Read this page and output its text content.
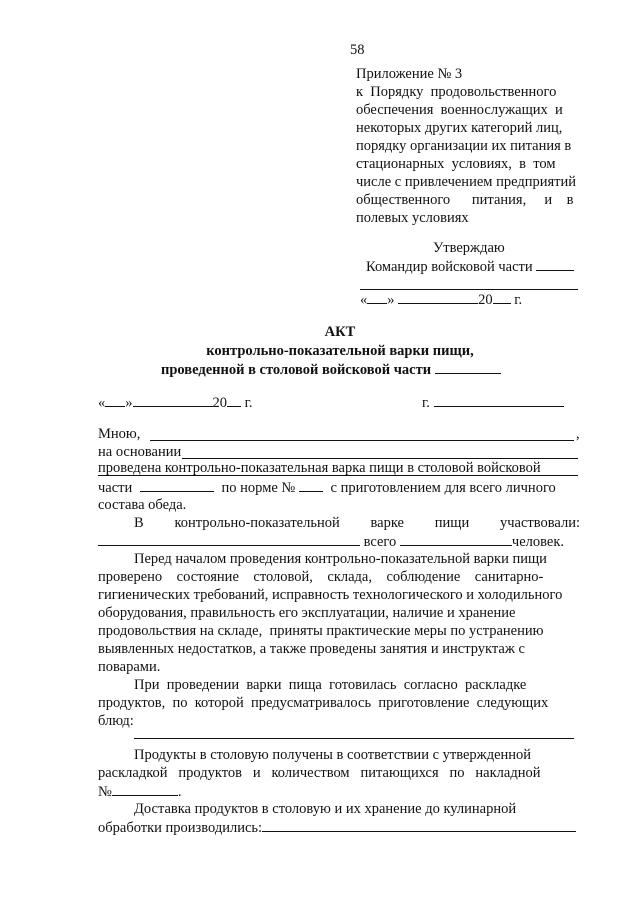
58
Приложение № 3
к  Порядку  продовольственного
обеспечения  военнослужащих  и
некоторых других категорий лиц,
порядку организации их питания в
стационарных  условиях,  в  том
числе с привлечением предприятий
общественного      питания,     и    в
полевых условиях
Утверждаю
Командир войсковой части
« »	20 г.
АКТ
контрольно-показательной варки пищи,
проведенной в столовой войсковой части
« »	20 г.	г.
Мною,	,
на основании
проведена контрольно-показательная варка пищи в столовой войсковой
части	по норме № с приготовлением для всего личного
состава обеда.
В контрольно-показательной варке пищи участвовали:
всего	человек.
Перед началом проведения контрольно-показательной варки пищи
проверено    состояние    столовой,    склада,    соблюдение    санитарно-
гигиенических требований, исправность технологического и холодильного
оборудования, правильность его эксплуатации, наличие и хранение
продовольствия на складе,  приняты практические меры по устранению
выявленных недостатков, а также проведены занятия и инструктаж с
поварами.
При  проведении  варки  пища  готовилась  согласно  раскладке
продуктов,  по  которой  предусматривалось  приготовление  следующих
блюд:
Продукты в столовую получены в соответствии с утвержденной
раскладкой   продуктов   и   количеством   питающихся   по   накладной
№	.
Доставка продуктов в столовую и их хранение до кулинарной
обработки производились:
